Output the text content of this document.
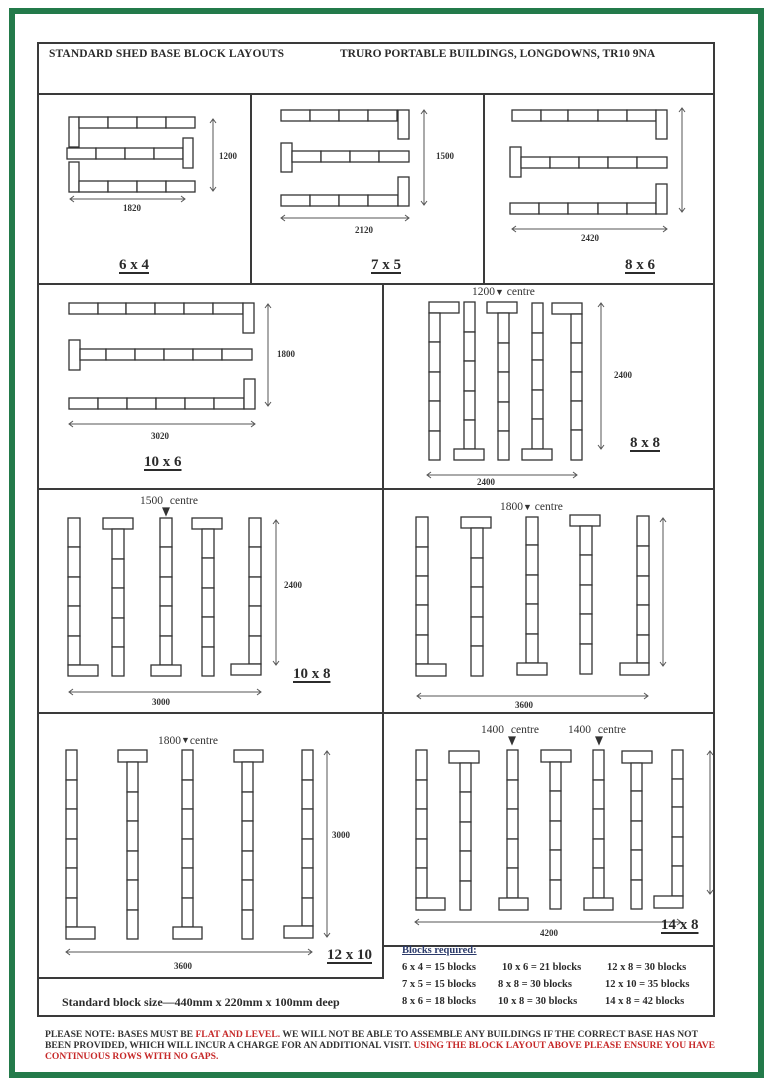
STANDARD SHED BASE BLOCK LAYOUTS	TRURO PORTABLE BUILDINGS, LONGDOWNS, TR10 9NA
1200
1820
6 x 4
1500
2120
7 x 5
2420
8 x 6
1800
3020
10 x 6
1200▼ centre
2400
2400
8 x 8
1500 centre
2400
3000
10 x 8
1800▼ centre
3600
1800▼centre
3000
3600
12 x 10
1400 centre	1400 centre
4200	14 x 8
Blocks required:
6 x 4 = 15 blocks 10 x 6 = 21 blocks 12 x 8 = 30 blocks
7 x 5 = 15 blocks 8 x 8 = 30 blocks	12 x 10 = 35 blocks
8 x 6 = 18 blocks 10 x 8 = 30 blocks	14 x 8 = 42 blocks
Standard block size—440mm x 220mm x 100mm deep
PLEASE NOTE: BASES MUST BE FLAT AND LEVEL. WE WILL NOT BE ABLE TO ASSEMBLE ANY BUILDINGS IF THE CORRECT BASE HAS NOT BEEN PROVIDED, WHICH WILL INCUR A CHARGE FOR AN ADDITIONAL VISIT. USING THE BLOCK LAYOUT ABOVE PLEASE ENSURE YOU HAVE CONTINUOUS ROWS WITH NO GAPS.
